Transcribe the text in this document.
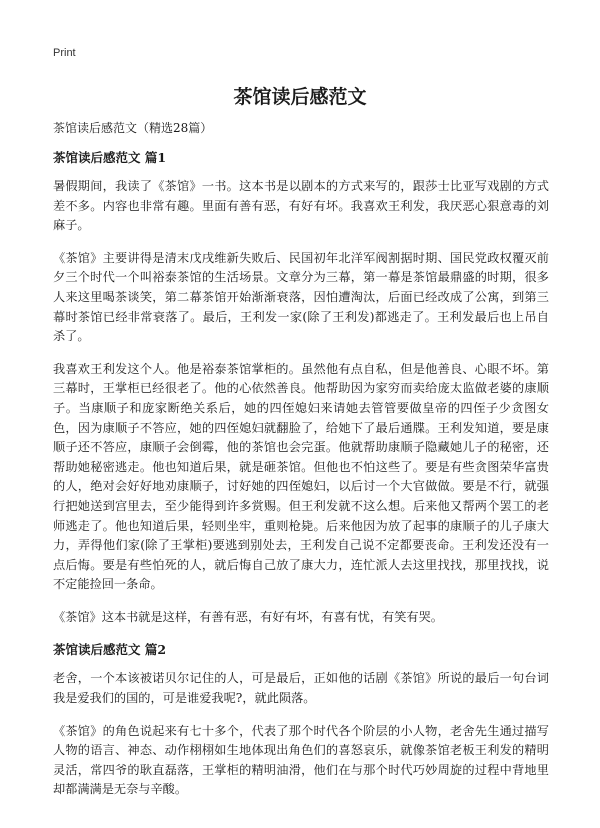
Print
茶馆读后感范文

茶馆读后感范文（精选28篇）

茶馆读后感范文 篇1

暑假期间，我读了《茶馆》一书。这本书是以剧本的方式来写的，跟莎士比亚写戏剧的方式差不多。内容也非常有趣。里面有善有恶，有好有坏。我喜欢王利发，我厌恶心狠意毒的刘麻子。

《茶馆》主要讲得是清末戊戌维新失败后、民国初年北洋军阀割据时期、国民党政权覆灭前夕三个时代一个叫裕泰茶馆的生活场景。文章分为三幕，第一幕是茶馆最鼎盛的时期，很多人来这里喝茶谈笑，第二幕茶馆开始渐渐衰落，因怕遭淘汰，后面已经改成了公寓，到第三幕时茶馆已经非常衰落了。最后，王利发一家(除了王利发)都逃走了。王利发最后也上吊自杀了。

我喜欢王利发这个人。他是裕泰茶馆掌柜的。虽然他有点自私，但是他善良、心眼不坏。第三幕时，王掌柜已经很老了。他的心依然善良。他帮助因为家穷而卖给庞太监做老婆的康顺子。当康顺子和庞家断绝关系后，她的四侄媳妇来请她去管管要做皇帝的四侄子少贪图女色，因为康顺子不答应，她的四侄媳妇就翻脸了，给她下了最后通牒。王利发知道，要是康顺子还不答应，康顺子会倒霉，他的茶馆也会完蛋。他就帮助康顺子隐藏她儿子的秘密，还帮助她秘密逃走。他也知道后果，就是砸茶馆。但他也不怕这些了。要是有些贪图荣华富贵的人，绝对会好好地劝康顺子，讨好她的四侄媳妇，以后讨一个大官做做。要是不行，就强行把她送到宫里去，至少能得到许多赏赐。但王利发就不这么想。后来他又帮两个罢工的老师逃走了。他也知道后果，轻则坐牢，重则枪毙。后来他因为放了起事的康顺子的儿子康大力，弄得他们家(除了王掌柜)要逃到别处去，王利发自己说不定都要丧命。王利发还没有一点后悔。要是有些怕死的人，就后悔自己放了康大力，连忙派人去这里找找，那里找找，说不定能捡回一条命。

《茶馆》这本书就是这样，有善有恶，有好有坏，有喜有忧，有笑有哭。

茶馆读后感范文 篇2

老舍，一个本该被诺贝尔记住的人，可是最后，正如他的话剧《茶馆》所说的最后一句台词我是爱我们的国的，可是谁爱我呢?，就此陨落。

《茶馆》的角色说起来有七十多个，代表了那个时代各个阶层的小人物，老舍先生通过描写人物的语言、神态、动作栩栩如生地体现出角色们的喜怒哀乐，就像茶馆老板王利发的精明灵活，常四爷的耿直磊落，王掌柜的精明油滑，他们在与那个时代巧妙周旋的过程中背地里却都满满是无奈与辛酸。
